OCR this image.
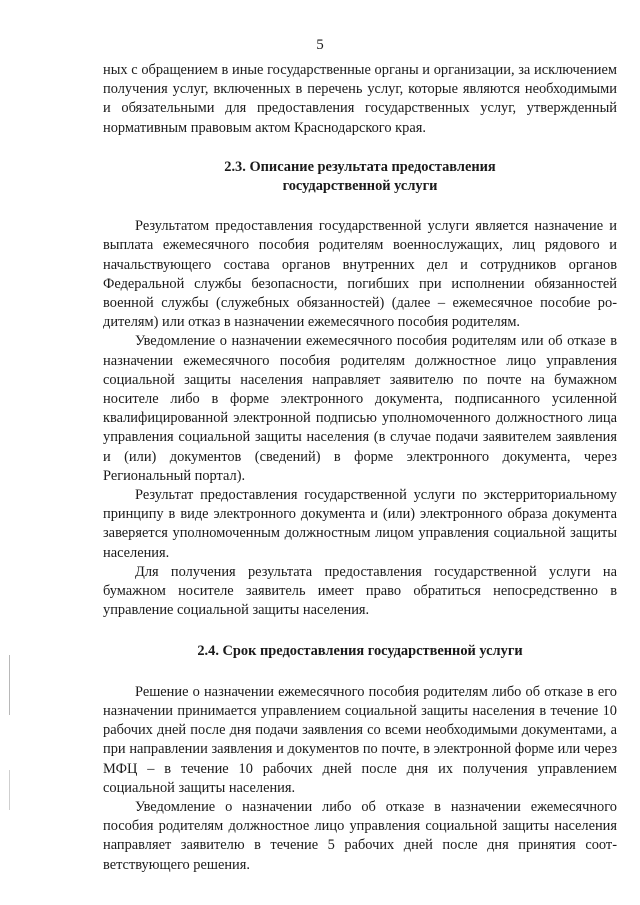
5

ных с обращением в иные государственные органы и организации, за исключением получения услуг, включенных в перечень услуг, которые являются необходимыми и обязательными для предоставления государственных услуг, утвержденный нормативным правовым актом Краснодарского края.

2.3. Описание результата предоставления
государственной услуги

Результатом предоставления государственной услуги является назначение и выплата ежемесячного пособия родителям военнослужащих, лиц рядового и начальствующего состава органов внутренних дел и сотрудников органов Федеральной службы безопасности, погибших при исполнении обязанностей военной службы (служебных обязанностей) (далее – ежемесячное пособие родителям) или отказ в назначении ежемесячного пособия родителям.

Уведомление о назначении ежемесячного пособия родителям или об отказе в назначении ежемесячного пособия родителям должностное лицо управления социальной защиты населения направляет заявителю по почте на бумажном носителе либо в форме электронного документа, подписанного усиленной квалифицированной электронной подписью уполномоченного должностного лица управления социальной защиты населения (в случае подачи заявителем заявления и (или) документов (сведений) в форме электронного документа, через Региональный портал).

Результат предоставления государственной услуги по экстерриториальному принципу в виде электронного документа и (или) электронного образа документа заверяется уполномоченным должностным лицом управления социальной защиты населения.

Для получения результата предоставления государственной услуги на бумажном носителе заявитель имеет право обратиться непосредственно в управление социальной защиты населения.

2.4. Срок предоставления государственной услуги

Решение о назначении ежемесячного пособия родителям либо об отказе в его назначении принимается управлением социальной защиты населения в течение 10 рабочих дней после дня подачи заявления со всеми необходимыми документами, а при направлении заявления и документов по почте, в электронной форме или через МФЦ – в течение 10 рабочих дней после дня их получения управлением социальной защиты населения.

Уведомление о назначении либо об отказе в назначении ежемесячного пособия родителям должностное лицо управления социальной защиты населения направляет заявителю в течение 5 рабочих дней после дня принятия соответствующего решения.
